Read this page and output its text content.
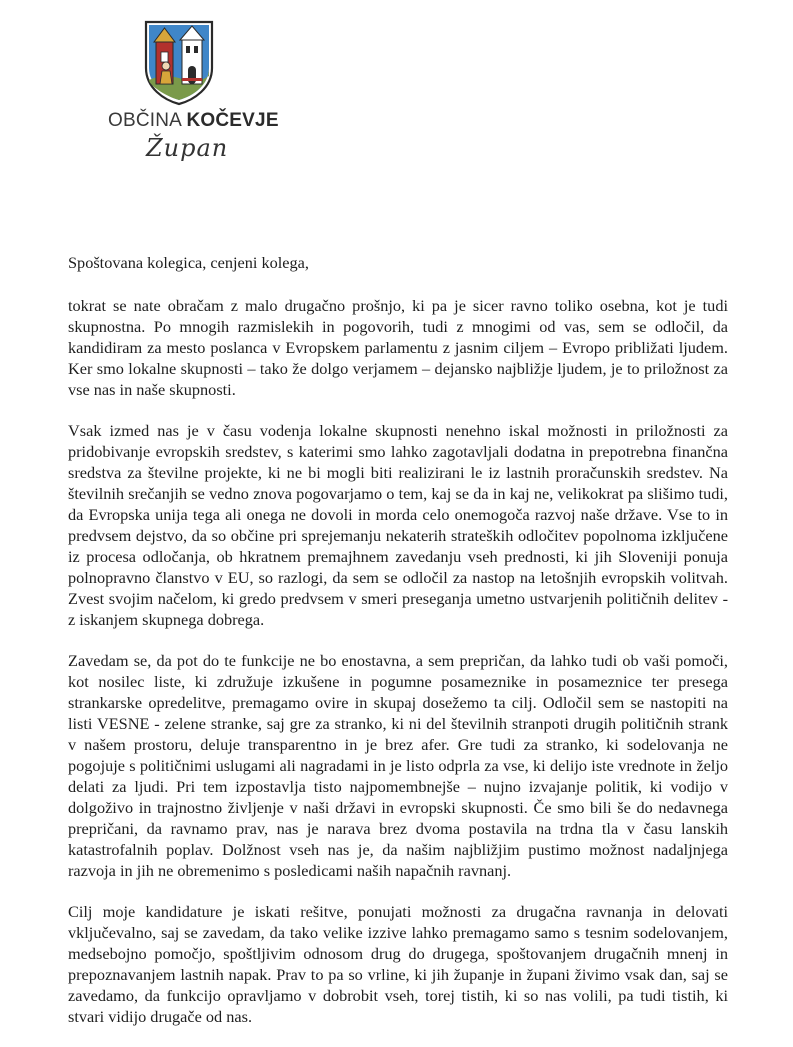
OBČINA KOČEVJE
Župan

Spoštovana kolegica, cenjeni kolega,

tokrat se nate obračam z malo drugačno prošnjo, ki pa je sicer ravno toliko osebna, kot je tudi skupnostna. Po mnogih razmislekih in pogovorih, tudi z mnogimi od vas, sem se odločil, da kandidiram za mesto poslanca v Evropskem parlamentu z jasnim ciljem – Evropo približati ljudem. Ker smo lokalne skupnosti – tako že dolgo verjamem – dejansko najbližje ljudem, je to priložnost za vse nas in naše skupnosti.

Vsak izmed nas je v času vodenja lokalne skupnosti nenehno iskal možnosti in priložnosti za pridobivanje evropskih sredstev, s katerimi smo lahko zagotavljali dodatna in prepotrebna finančna sredstva za številne projekte, ki ne bi mogli biti realizirani le iz lastnih proračunskih sredstev. Na številnih srečanjih se vedno znova pogovarjamo o tem, kaj se da in kaj ne, velikokrat pa slišimo tudi, da Evropska unija tega ali onega ne dovoli in morda celo onemogoča razvoj naše države. Vse to in predvsem dejstvo, da so občine pri sprejemanju nekaterih strateških odločitev popolnoma izključene iz procesa odločanja, ob hkratnem premajhnem zavedanju vseh prednosti, ki jih Sloveniji ponuja polnopravno članstvo v EU, so razlogi, da sem se odločil za nastop na letošnjih evropskih volitvah. Zvest svojim načelom, ki gredo predvsem v smeri preseganja umetno ustvarjenih političnih delitev - z iskanjem skupnega dobrega.

Zavedam se, da pot do te funkcije ne bo enostavna, a sem prepričan, da lahko tudi ob vaši pomoči, kot nosilec liste, ki združuje izkušene in pogumne posameznike in posameznice ter presega strankarske opredelitve, premagamo ovire in skupaj dosežemo ta cilj. Odločil sem se nastopiti na listi VESNE - zelene stranke, saj gre za stranko, ki ni del številnih stranpoti drugih političnih strank v našem prostoru, deluje transparentno in je brez afer. Gre tudi za stranko, ki sodelovanja ne pogojuje s političnimi uslugami ali nagradami in je listo odprla za vse, ki delijo iste vrednote in željo delati za ljudi. Pri tem izpostavlja tisto najpomembnejše – nujno izvajanje politik, ki vodijo v dolgoživo in trajnostno življenje v naši državi in evropski skupnosti. Če smo bili še do nedavnega prepričani, da ravnamo prav, nas je narava brez dvoma postavila na trdna tla v času lanskih katastrofalnih poplav. Dolžnost vseh nas je, da našim najbližjim pustimo možnost nadaljnjega razvoja in jih ne obremenimo s posledicami naših napačnih ravnanj.

Cilj moje kandidature je iskati rešitve, ponujati možnosti za drugačna ravnanja in delovati vključevalno, saj se zavedam, da tako velike izzive lahko premagamo samo s tesnim sodelovanjem, medsebojno pomočjo, spoštljivim odnosom drug do drugega, spoštovanjem drugačnih mnenj in prepoznavanjem lastnih napak. Prav to pa so vrline, ki jih županje in župani živimo vsak dan, saj se zavedamo, da funkcijo opravljamo v dobrobit vseh, torej tistih, ki so nas volili, pa tudi tistih, ki stvari vidijo drugače od nas.
